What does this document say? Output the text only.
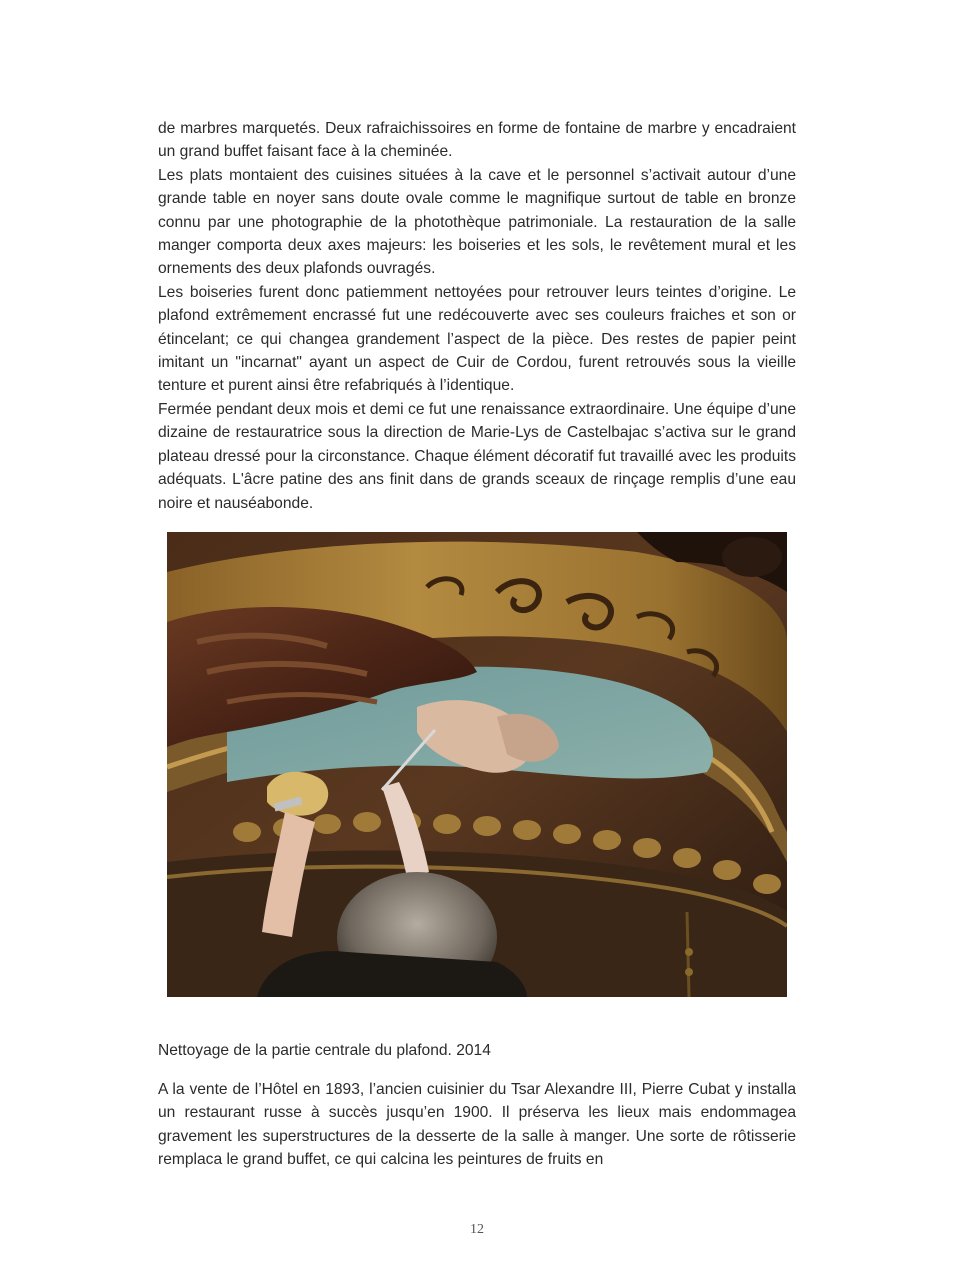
de marbres marquetés. Deux rafraichissoires en forme de fontaine de marbre y encadraient un grand buffet faisant face à la cheminée.

Les plats montaient des cuisines situées à la cave et le personnel s’activait autour d’une grande table en noyer sans doute ovale comme le magnifique surtout de table en bronze connu par une photographie de la photothèque patrimoniale. La restauration de la salle manger comporta deux axes majeurs: les boiseries et les sols, le revêtement mural et les ornements des deux plafonds ouvragés.

Les boiseries furent donc patiemment nettoyées pour retrouver leurs teintes d’origine. Le plafond extrêmement encrassé fut une redécouverte avec ses couleurs fraiches et son or étincelant; ce qui changea grandement l’aspect de la pièce. Des restes de papier peint imitant un "incarnat" ayant un aspect de Cuir de Cordou, furent retrouvés sous la vieille tenture et purent ainsi être refabriqués à l’identique.

Fermée pendant deux mois et demi ce fut une renaissance extraordinaire. Une équipe d’une dizaine de restauratrice sous la direction de Marie-Lys de Castelbajac s’activa sur le grand plateau dressé pour la circonstance. Chaque élément décoratif fut travaillé avec les produits adéquats. L'âcre patine des ans finit dans de grands sceaux de rinçage remplis d’une eau noire et nauséabonde.

Nettoyage de la partie centrale du plafond. 2014

A la vente de l’Hôtel en 1893, l’ancien cuisinier du Tsar Alexandre III, Pierre Cubat y installa un restaurant russe à succès jusqu’en 1900. Il préserva les lieux mais endommagea gravement les superstructures de la desserte de la salle à manger. Une sorte de rôtisserie remplaca le grand buffet, ce qui calcina les peintures de fruits en

12
